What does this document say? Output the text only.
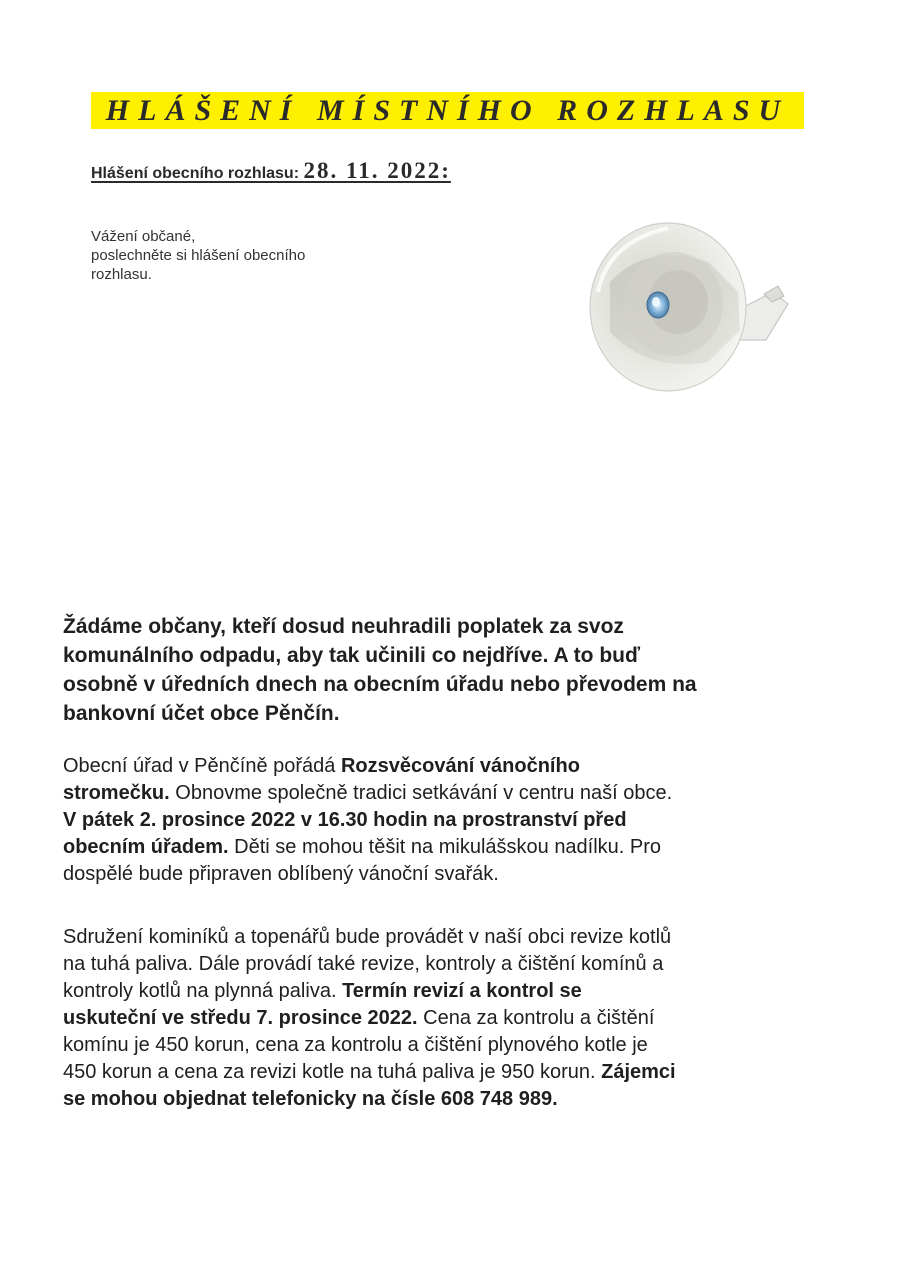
HLÁŠENÍ MÍSTNÍHO ROZHLASU
Hlášení obecního rozhlasu: 28. 11. 2022:
Vážení občané,
poslechněte si hlášení obecního
rozhlasu.
Žádáme občany, kteří dosud neuhradili poplatek za svoz
komunálního odpadu, aby tak učinili co nejdříve. A to buď
osobně v úředních dnech na obecním úřadu nebo převodem na
bankovní účet obce Pěnčín.
Obecní úřad v Pěnčíně pořádá Rozsvěcování vánočního
stromečku. Obnovme společně tradici setkávání v centru naší obce.
V pátek 2. prosince 2022 v 16.30 hodin na prostranství před
obecním úřadem. Děti se mohou těšit na mikulášskou nadílku. Pro
dospělé bude připraven oblíbený vánoční svařák.
Sdružení kominíků a topenářů bude provádět v naší obci revize kotlů
na tuhá paliva. Dále provádí také revize, kontroly a čištění komínů a
kontroly kotlů na plynná paliva. Termín revizí a kontrol se
uskuteční ve středu 7. prosince 2022. Cena za kontrolu a čištění
komínu je 450 korun, cena za kontrolu a čištění plynového kotle je
450 korun a cena za revizi kotle na tuhá paliva je 950 korun. Zájemci
se mohou objednat telefonicky na čísle 608 748 989.
